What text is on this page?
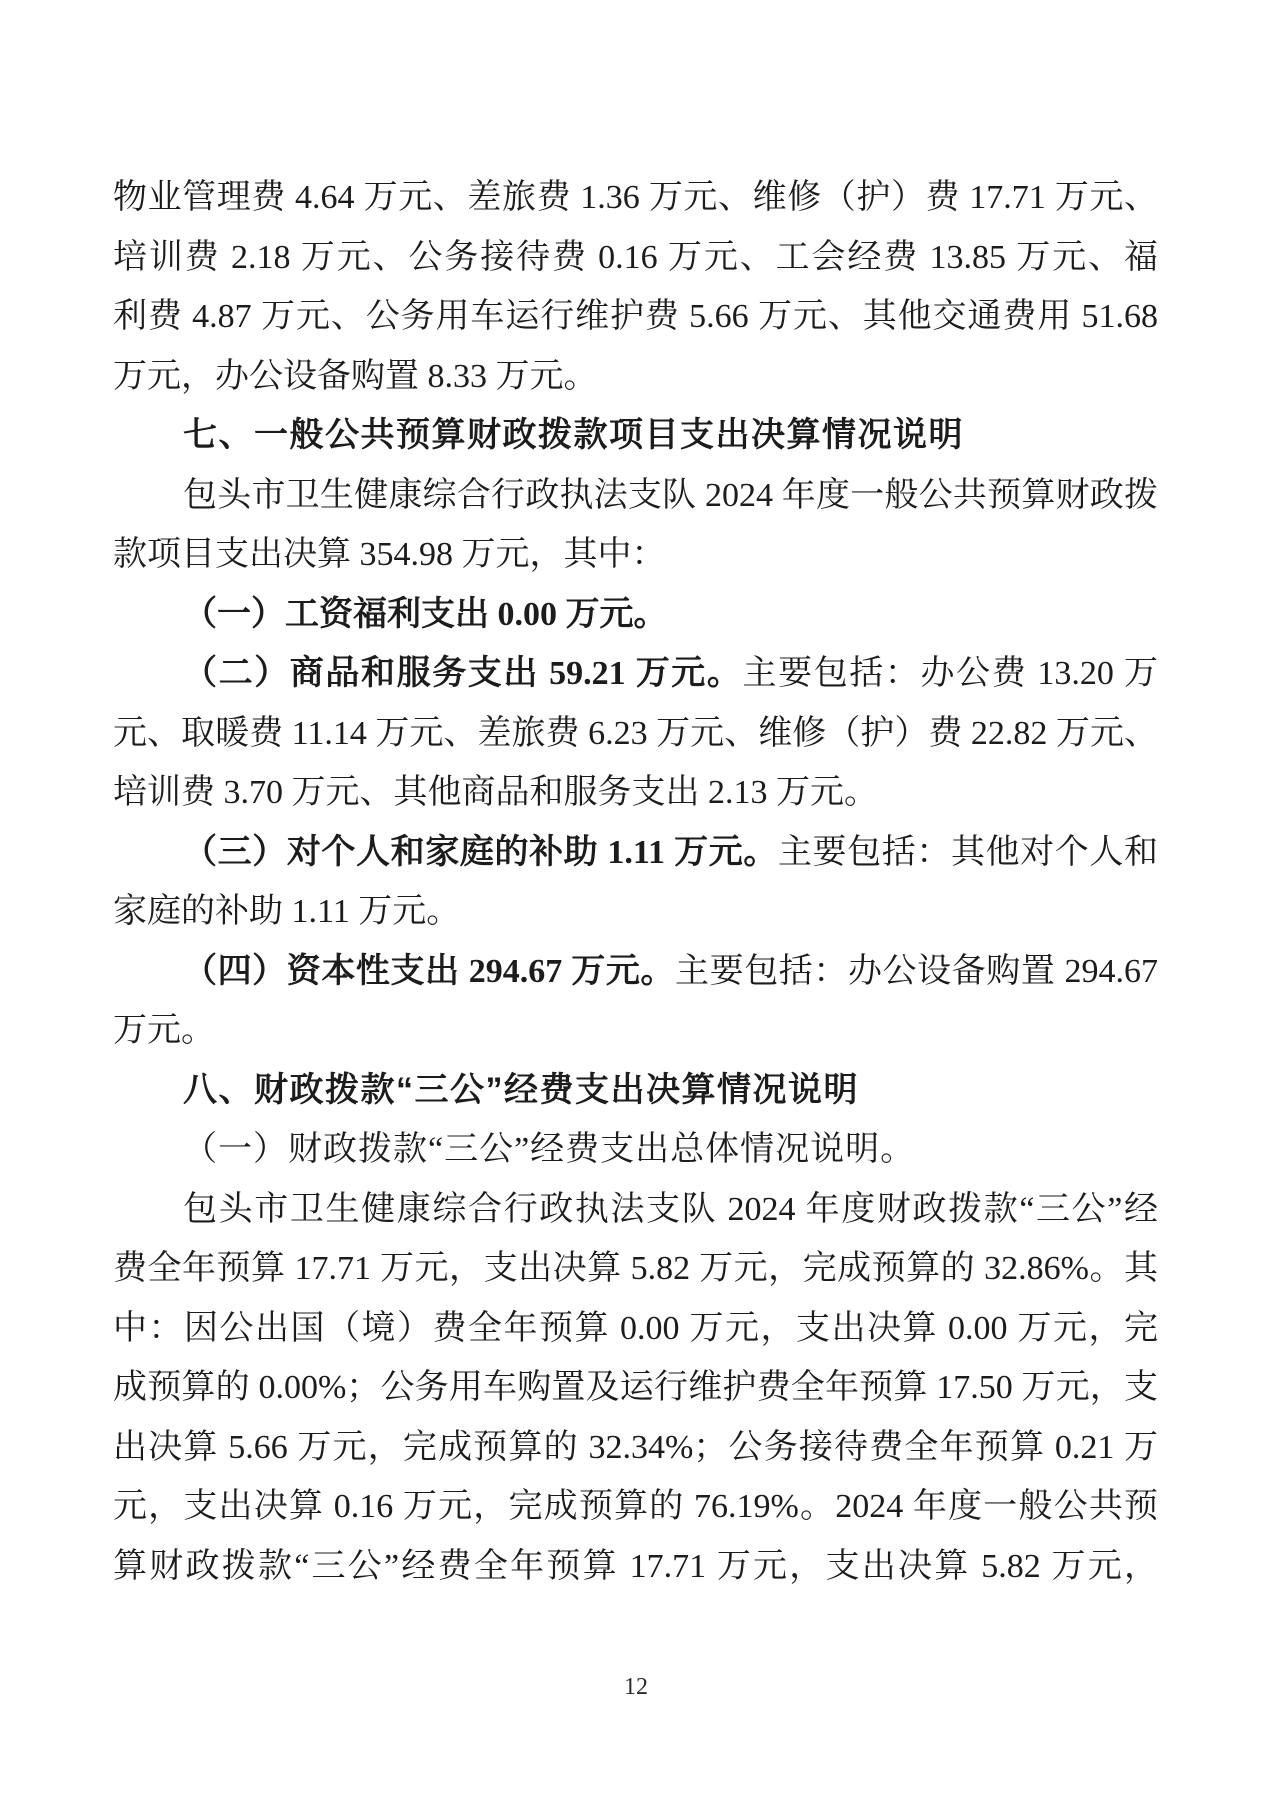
物业管理费 4.64 万元、差旅费 1.36 万元、维修（护）费 17.71 万元、
培训费 2.18 万元、公务接待费 0.16 万元、工会经费 13.85 万元、福
利费 4.87 万元、公务用车运行维护费 5.66 万元、其他交通费用 51.68
万元，办公设备购置 8.33 万元。
七、一般公共预算财政拨款项目支出决算情况说明
包头市卫生健康综合行政执法支队 2024 年度一般公共预算财政拨
款项目支出决算 354.98 万元，其中：
（一）工资福利支出 0.00 万元。
（二）商品和服务支出 59.21 万元。主要包括：办公费 13.20 万
元、取暖费 11.14 万元、差旅费 6.23 万元、维修（护）费 22.82 万元、
培训费 3.70 万元、其他商品和服务支出 2.13 万元。
（三）对个人和家庭的补助 1.11 万元。主要包括：其他对个人和
家庭的补助 1.11 万元。
（四）资本性支出 294.67 万元。主要包括：办公设备购置 294.67
万元。
八、财政拨款“三公”经费支出决算情况说明
（一）财政拨款“三公”经费支出总体情况说明。
包头市卫生健康综合行政执法支队 2024 年度财政拨款“三公”经
费全年预算 17.71 万元，支出决算 5.82 万元，完成预算的 32.86%。其
中：因公出国（境）费全年预算 0.00 万元，支出决算 0.00 万元，完
成预算的 0.00%；公务用车购置及运行维护费全年预算 17.50 万元，支
出决算 5.66 万元，完成预算的 32.34%；公务接待费全年预算 0.21 万
元，支出决算 0.16 万元，完成预算的 76.19%。2024 年度一般公共预
算财政拨款“三公”经费全年预算 17.71 万元，支出决算 5.82 万元，
12
